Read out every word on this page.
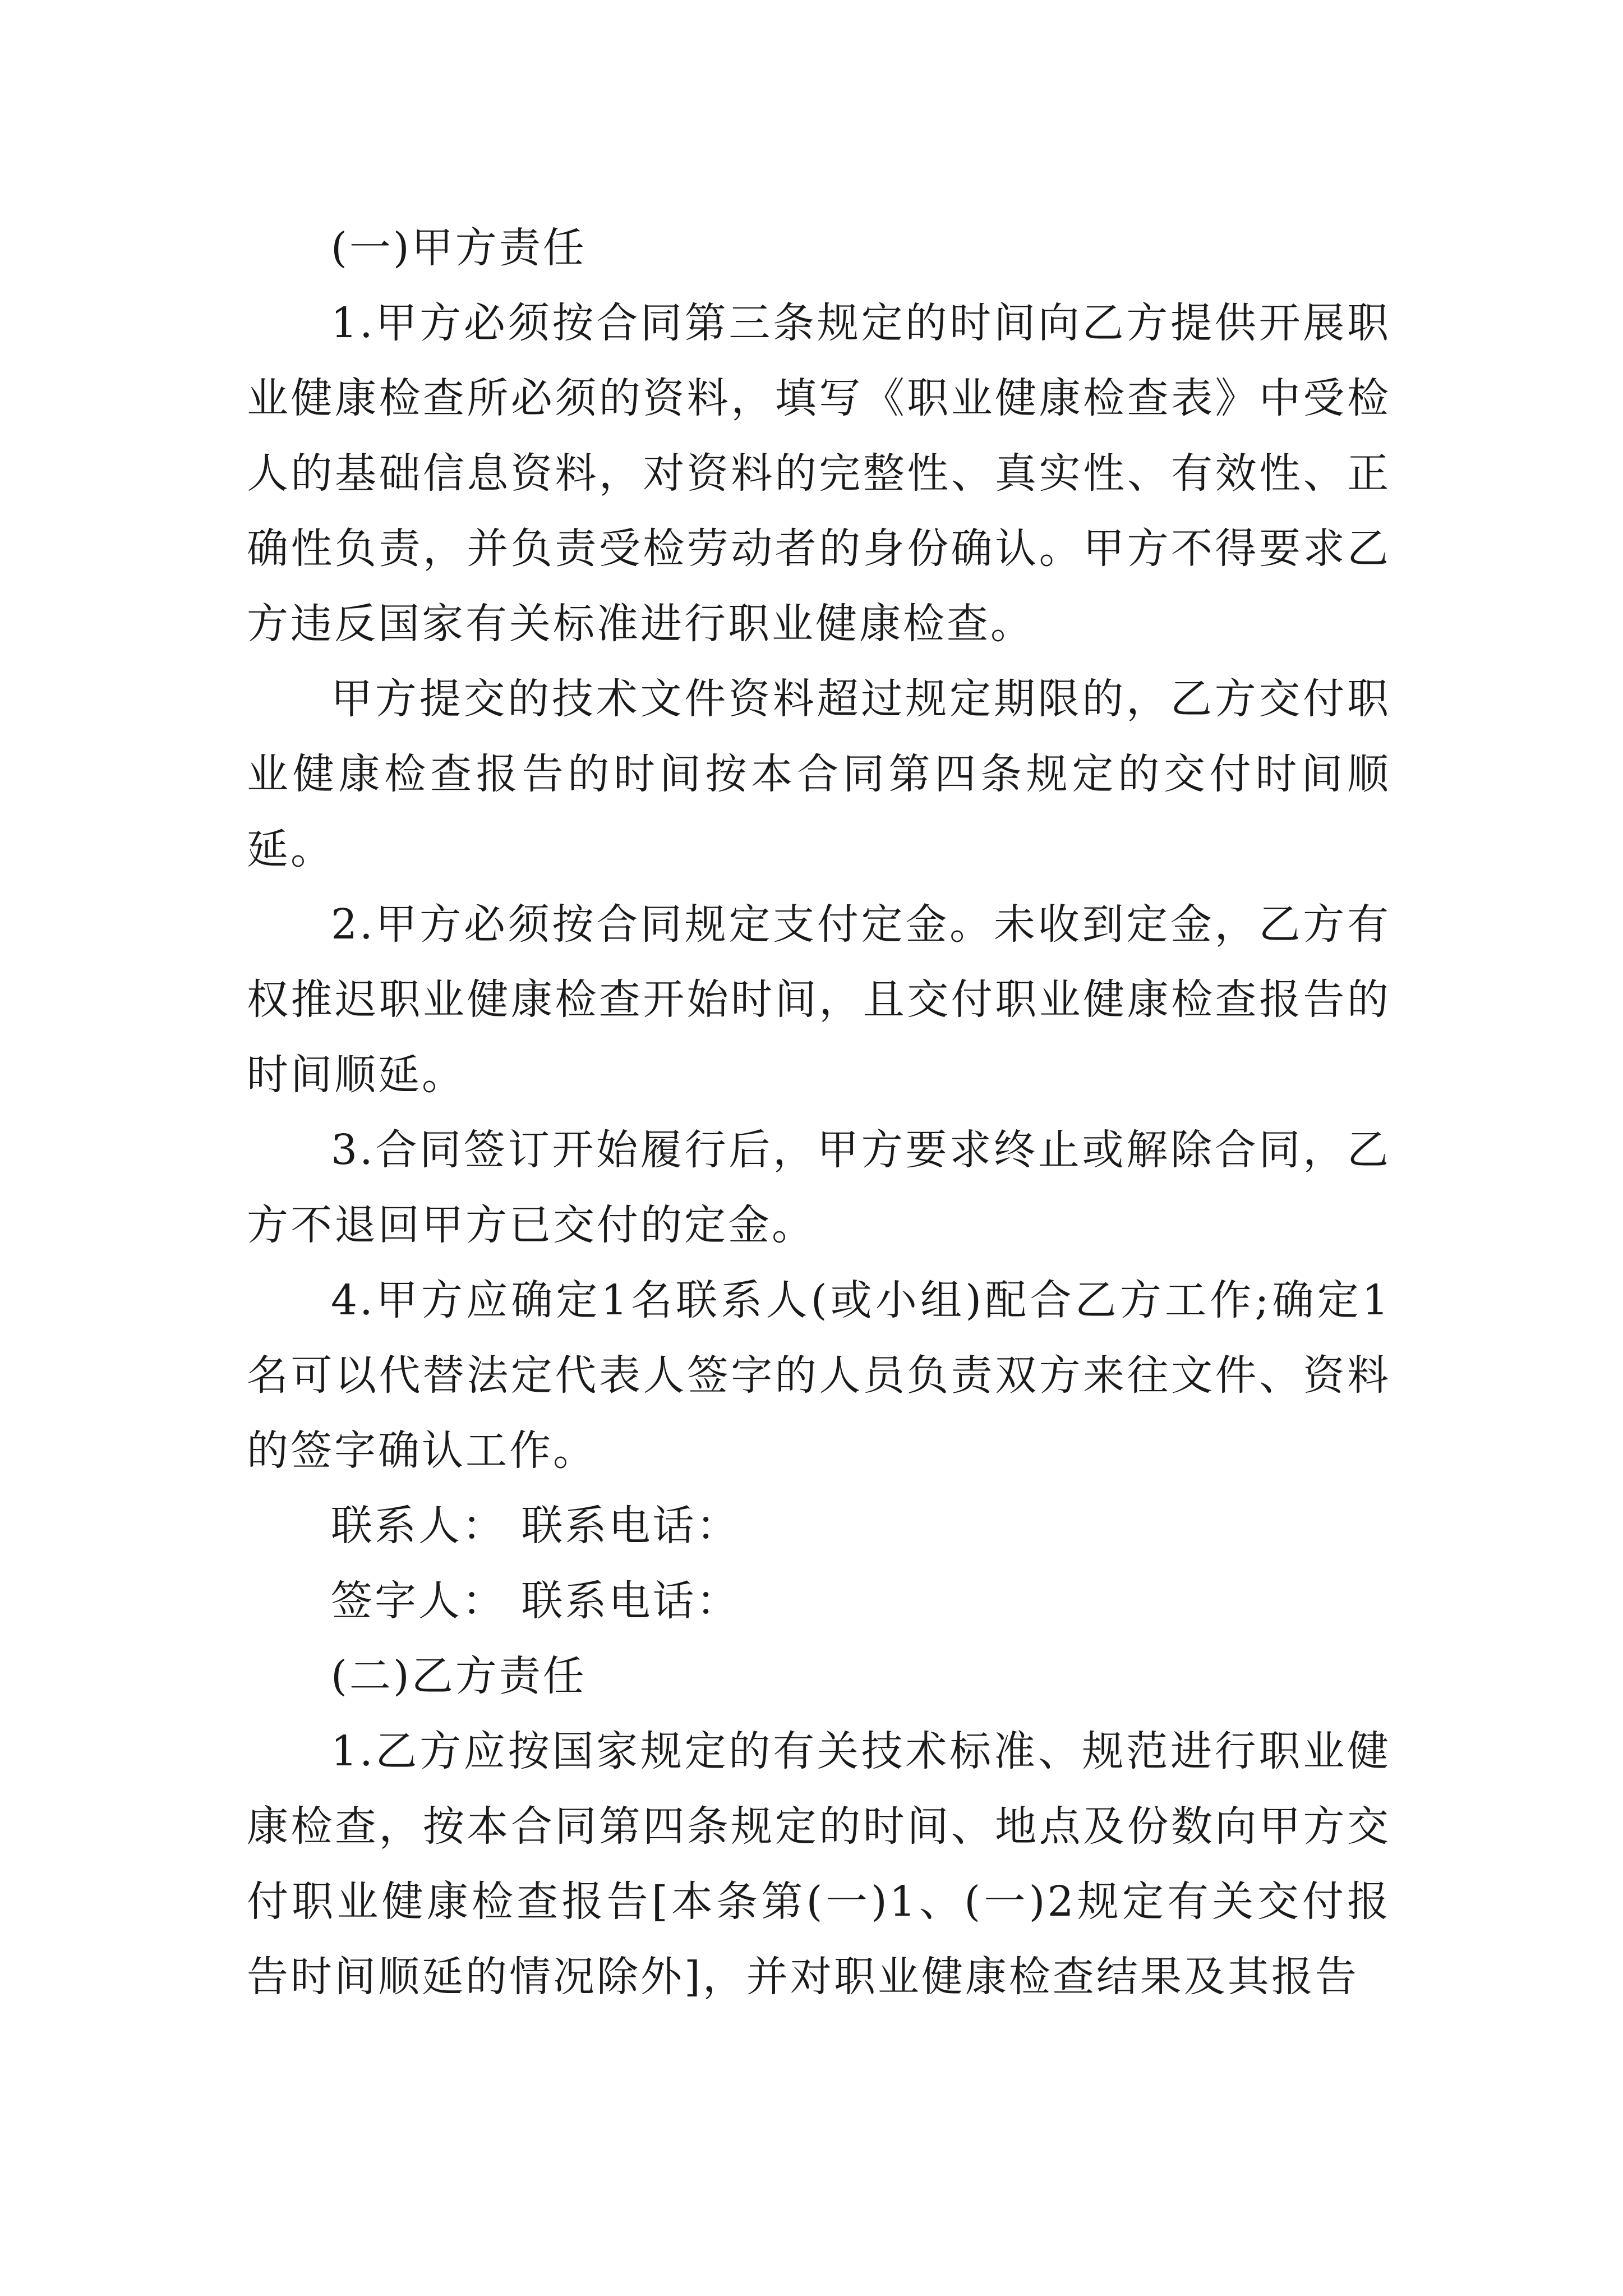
(一)甲方责任

1.甲方必须按合同第三条规定的时间向乙方提供开展职业健康检查所必须的资料，填写《职业健康检查表》中受检人的基础信息资料，对资料的完整性、真实性、有效性、正确性负责，并负责受检劳动者的身份确认。甲方不得要求乙方违反国家有关标准进行职业健康检查。

甲方提交的技术文件资料超过规定期限的，乙方交付职业健康检查报告的时间按本合同第四条规定的交付时间顺延。

2.甲方必须按合同规定支付定金。未收到定金，乙方有权推迟职业健康检查开始时间，且交付职业健康检查报告的时间顺延。

3.合同签订开始履行后，甲方要求终止或解除合同，乙方不退回甲方已交付的定金。

4.甲方应确定1名联系人(或小组)配合乙方工作;确定1名可以代替法定代表人签字的人员负责双方来往文件、资料的签字确认工作。

联系人： 联系电话：

签字人： 联系电话：

(二)乙方责任

1.乙方应按国家规定的有关技术标准、规范进行职业健康检查，按本合同第四条规定的时间、地点及份数向甲方交付职业健康检查报告[本条第(一)1、(一)2规定有关交付报告时间顺延的情况除外]，并对职业健康检查结果及其报告
